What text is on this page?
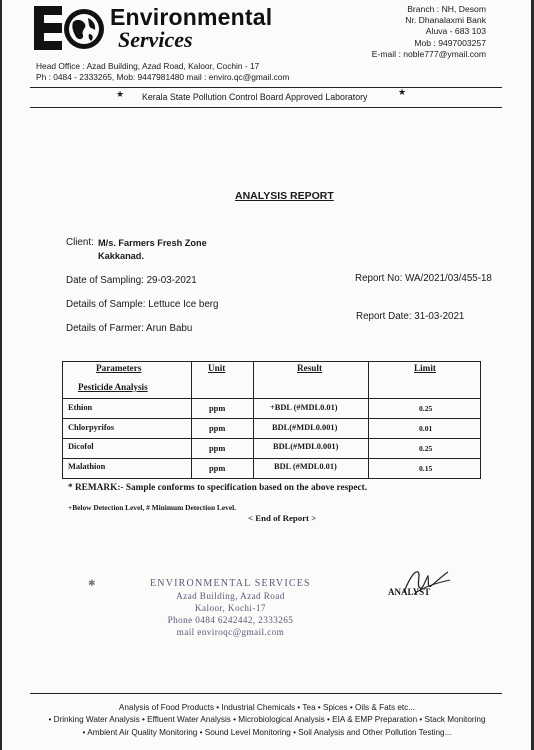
Environmental
Services
Branch : NH, Desom
Nr. Dhanalaxmi Bank
Aluva - 683 103
Mob : 9497003257
E-mail : noble777@ymail.com
Head Office : Azad Building, Azad Road, Kaloor, Cochin - 17
Ph : 0484 - 2333265, Mob: 9447981480 mail : enviro.qc@gmail.com
★ Kerala State Pollution Control Board Approved Laboratory	★
ANALYSIS REPORT
Client: M/s. Farmers Fresh Zone
Kakkanad.
Date of Sampling: 29-03-2021	Report No: WA/2021/03/455-18
Details of Sample: Lettuce Ice berg
Report Date: 31-03-2021
Details of Farmer: Arun Babu
Parameters	Unit	Result	Limit
Pesticide Analysis
Ethion	ppm	+BDL (#MDL0.01)	0.25
Chlorpyrifos	ppm	BDL(#MDL0.001)	0.01
Dicofol	ppm	BDL(#MDL0.001)	0.25
Malathion	ppm	BDL (#MDL0.01)	0.15
* REMARK:- Sample conforms to specification based on the above respect.
+Below Detection Level, # Minimum Detection Level.
< End of Report >
✱	ENVIRONMENTAL SERVICES
Azad Building, Azad Road
Kaloor, Kochi-17
Phone 0484 6242442, 2333265
mail enviroqc@gmail.com
ANALYST
Analysis of Food Products • Industrial Chemicals • Tea • Spices • Oils & Fats etc...
• Drinking Water Analysis • Effluent Water Analysis • Microbiological Analysis • EIA & EMP Preparation • Stack Monitoring
• Ambient Air Quality Monitoring • Sound Level Monitoring • Soil Analysis and Other Pollution Testing...
